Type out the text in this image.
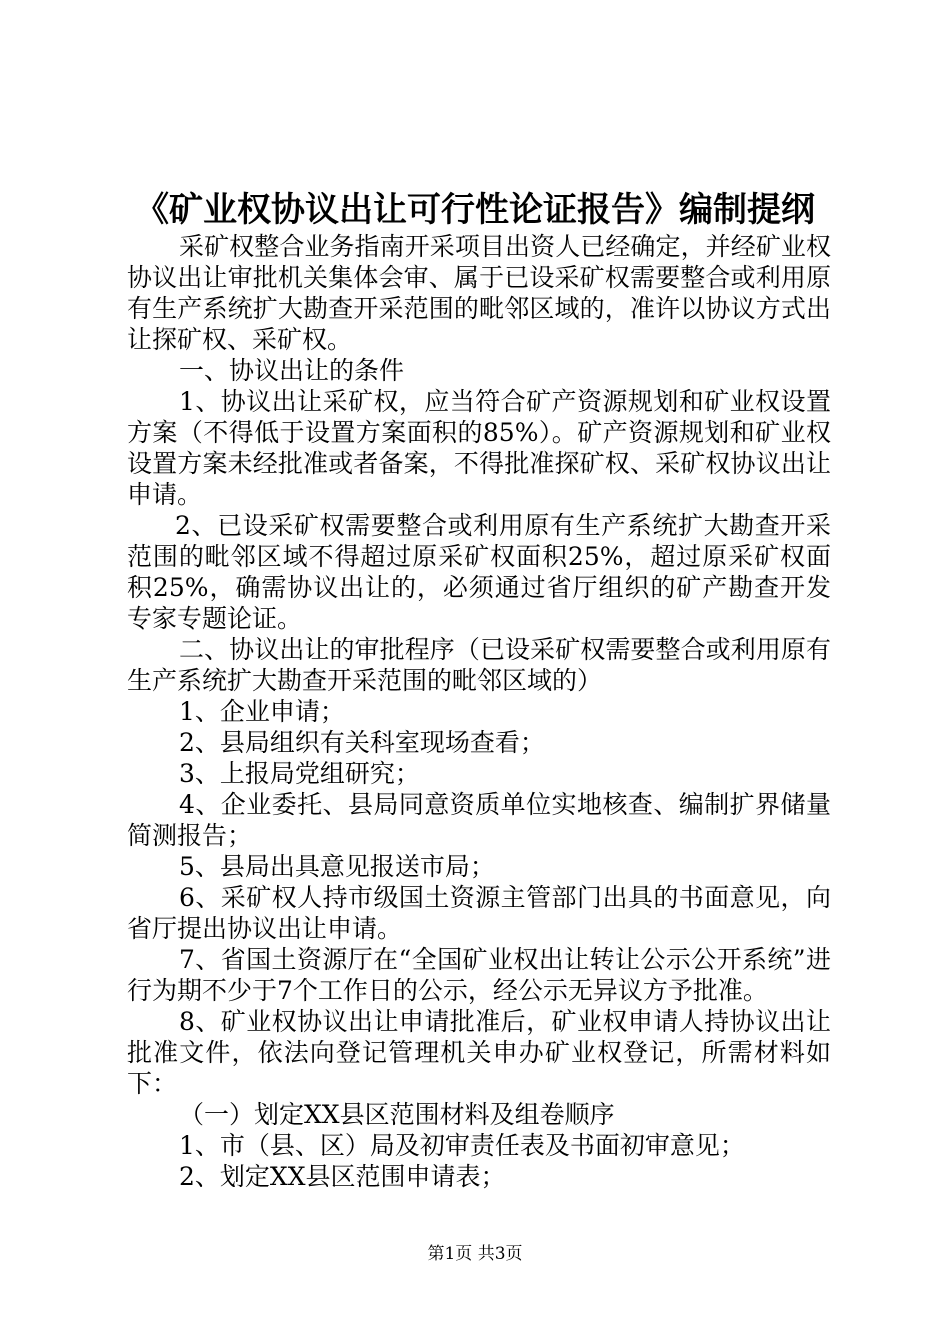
《矿业权协议出让可行性论证报告》编制提纲

采矿权整合业务指南开采项目出资人已经确定，并经矿业权协议出让审批机关集体会审、属于已设采矿权需要整合或利用原有生产系统扩大勘查开采范围的毗邻区域的，准许以协议方式出让探矿权、采矿权。

一、协议出让的条件

1、协议出让采矿权，应当符合矿产资源规划和矿业权设置方案（不得低于设置方案面积的85%）。矿产资源规划和矿业权设置方案未经批准或者备案，不得批准探矿权、采矿权协议出让申请。

2、已设采矿权需要整合或利用原有生产系统扩大勘查开采范围的毗邻区域不得超过原采矿权面积25%，超过原采矿权面积25%，确需协议出让的，必须通过省厅组织的矿产勘查开发专家专题论证。

二、协议出让的审批程序（已设采矿权需要整合或利用原有生产系统扩大勘查开采范围的毗邻区域的）

1、企业申请；

2、县局组织有关科室现场查看；

3、上报局党组研究；

4、企业委托、县局同意资质单位实地核查、编制扩界储量简测报告；

5、县局出具意见报送市局；

6、采矿权人持市级国土资源主管部门出具的书面意见，向省厅提出协议出让申请。

7、省国土资源厅在“全国矿业权出让转让公示公开系统”进行为期不少于7个工作日的公示，经公示无异议方予批准。

8、矿业权协议出让申请批准后，矿业权申请人持协议出让批准文件，依法向登记管理机关申办矿业权登记，所需材料如下：

（一）划定XX县区范围材料及组卷顺序

1、市（县、区）局及初审责任表及书面初审意见；

2、划定XX县区范围申请表；

第1页 共3页
